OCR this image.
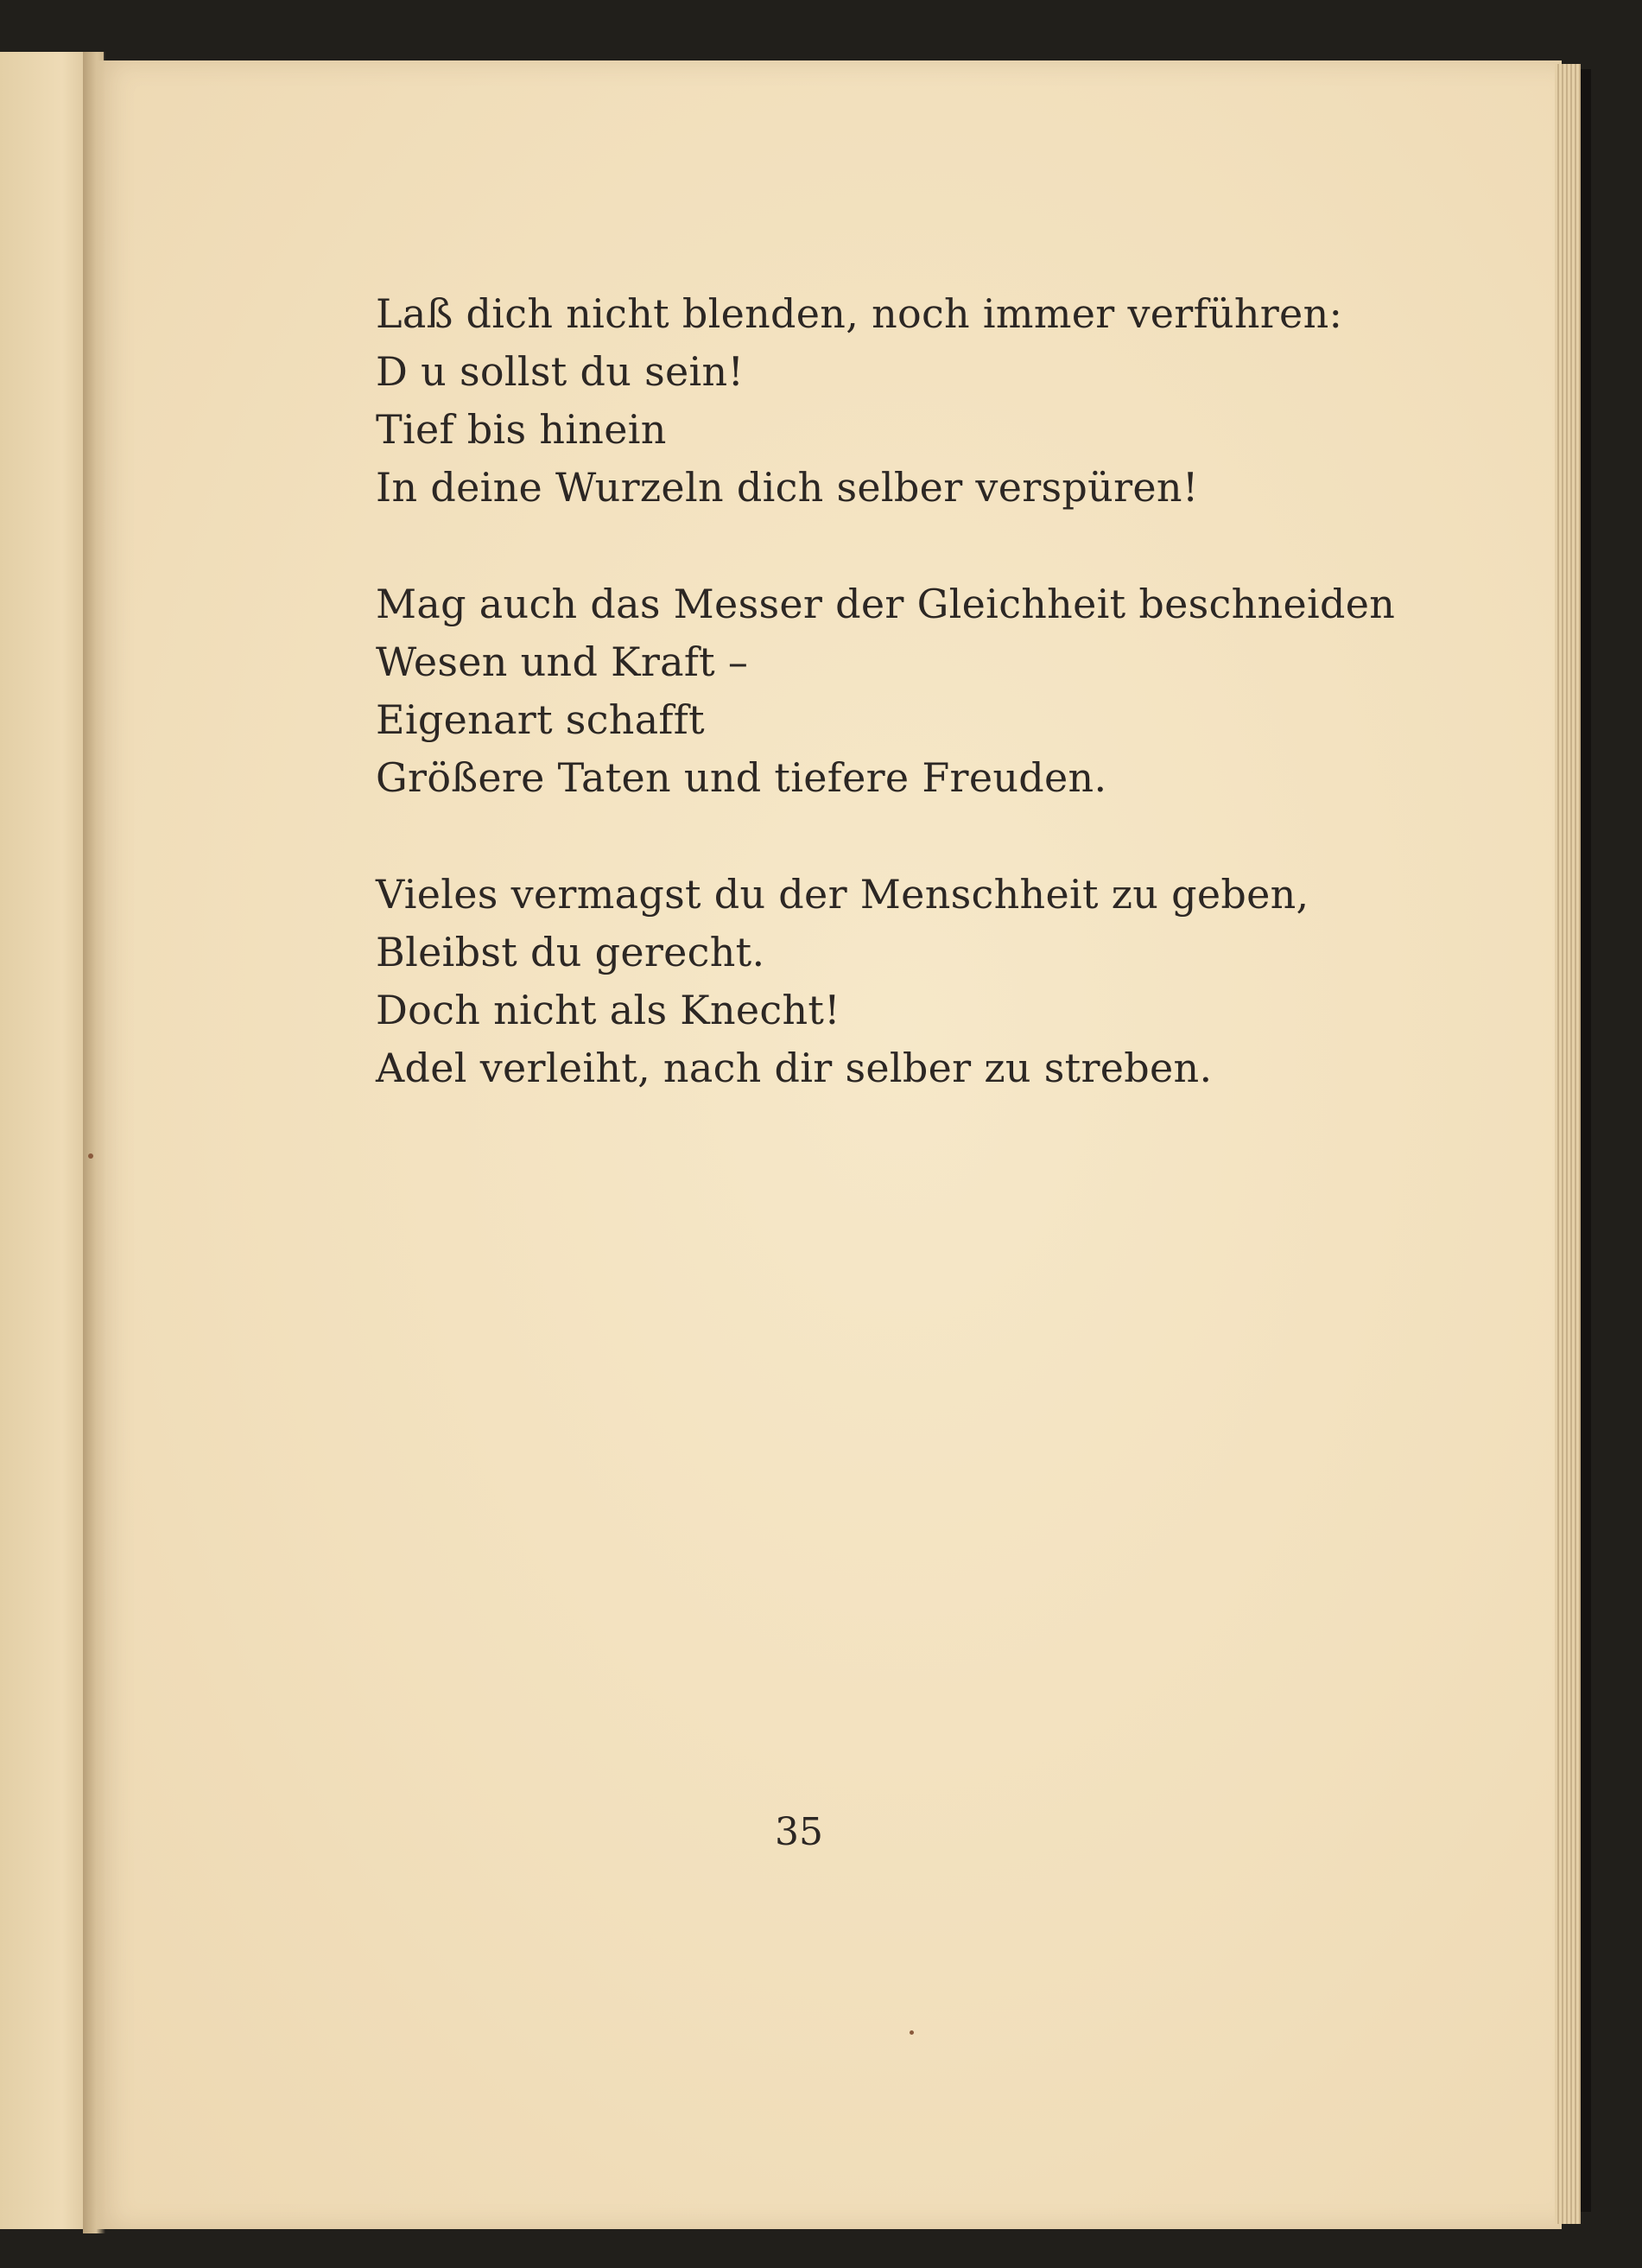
Laß dich nicht blenden, noch immer verführen:
D u sollst du sein!
Tief bis hinein
In deine Wurzeln dich selber verspüren!

Mag auch das Messer der Gleichheit beschneiden
Wesen und Kraft –
Eigenart schafft
Größere Taten und tiefere Freuden.

Vieles vermagst du der Menschheit zu geben,
Bleibst du gerecht.
Doch nicht als Knecht!
Adel verleiht, nach dir selber zu streben.

35
